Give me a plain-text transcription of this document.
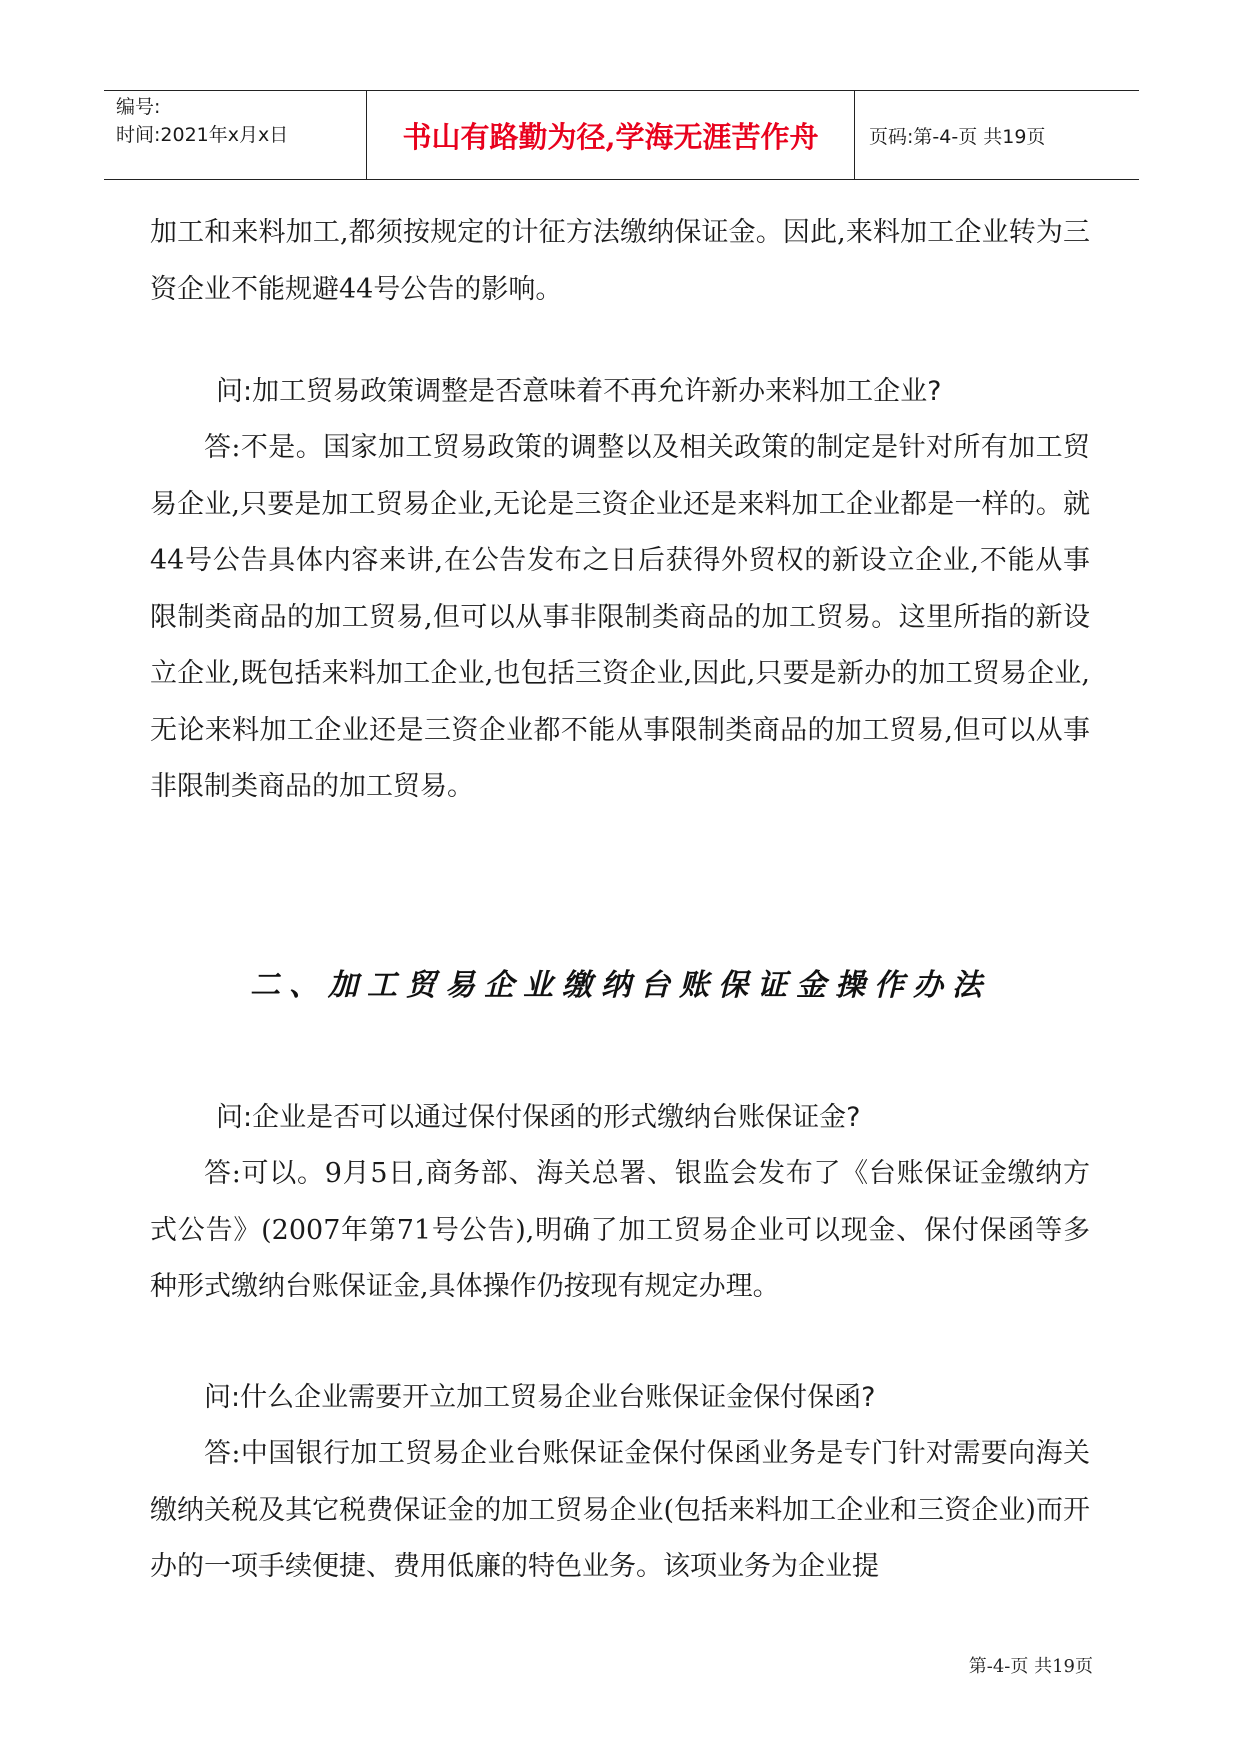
编号:
时间:2021年x月x日	书山有路勤为径,学海无涯苦作舟	页码:第-4-页 共19页

加工和来料加工,都须按规定的计征方法缴纳保证金。因此,来料加工企业转为三资企业不能规避44号公告的影响。

问:加工贸易政策调整是否意味着不再允许新办来料加工企业?

答:不是。国家加工贸易政策的调整以及相关政策的制定是针对所有加工贸易企业,只要是加工贸易企业,无论是三资企业还是来料加工企业都是一样的。就44号公告具体内容来讲,在公告发布之日后获得外贸权的新设立企业,不能从事限制类商品的加工贸易,但可以从事非限制类商品的加工贸易。这里所指的新设立企业,既包括来料加工企业,也包括三资企业,因此,只要是新办的加工贸易企业,无论来料加工企业还是三资企业都不能从事限制类商品的加工贸易,但可以从事非限制类商品的加工贸易。

二、加工贸易企业缴纳台账保证金操作办法

问:企业是否可以通过保付保函的形式缴纳台账保证金?

答:可以。9月5日,商务部、海关总署、银监会发布了《台账保证金缴纳方式公告》(2007年第71号公告),明确了加工贸易企业可以现金、保付保函等多种形式缴纳台账保证金,具体操作仍按现有规定办理。

问:什么企业需要开立加工贸易企业台账保证金保付保函?

答:中国银行加工贸易企业台账保证金保付保函业务是专门针对需要向海关缴纳关税及其它税费保证金的加工贸易企业(包括来料加工企业和三资企业)而开办的一项手续便捷、费用低廉的特色业务。该项业务为企业提

第-4-页 共19页
